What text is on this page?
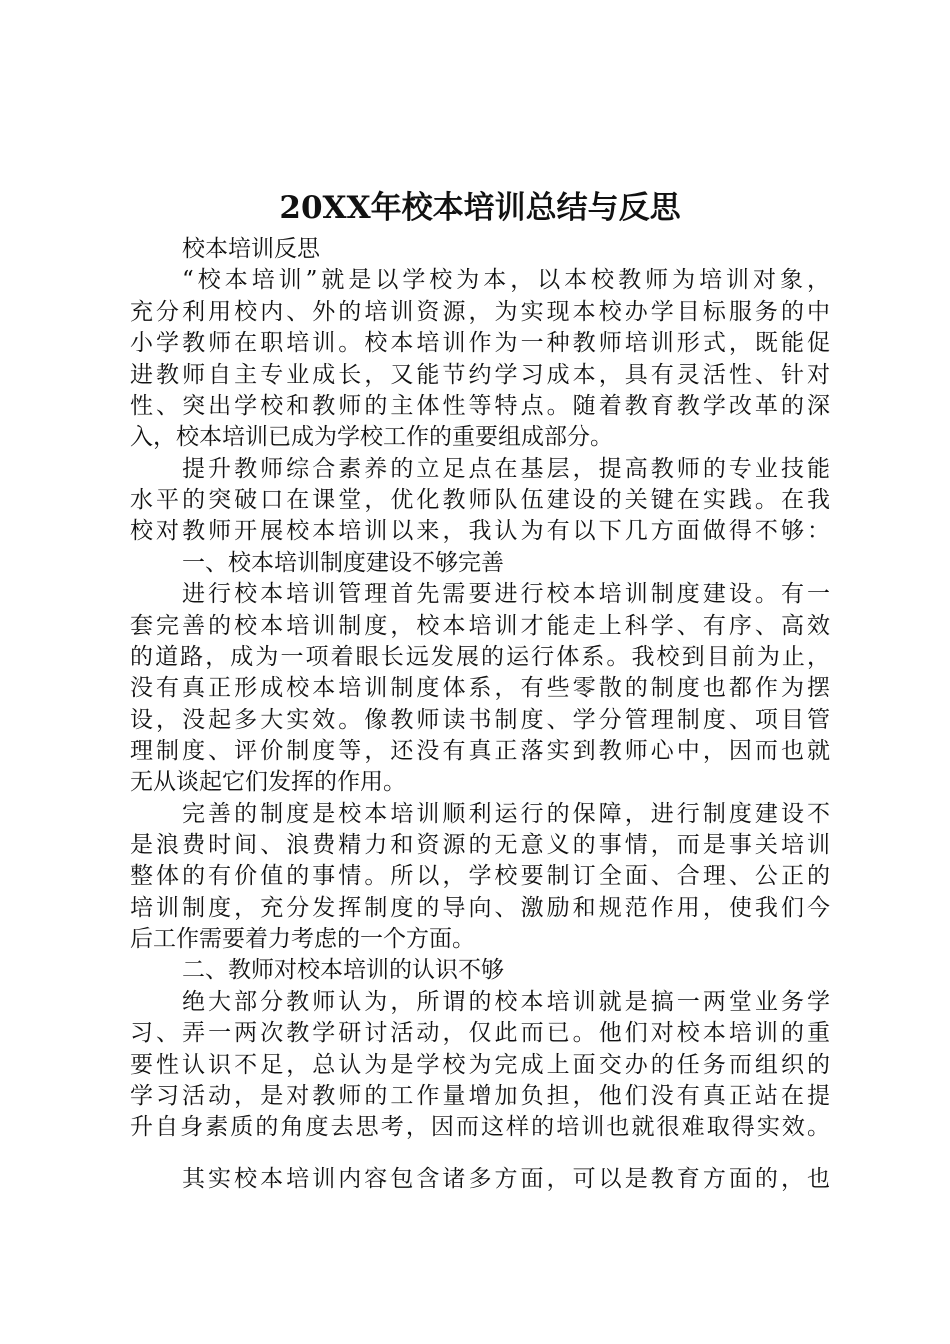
20XX年校本培训总结与反思

校本培训反思

“校本培训”就是以学校为本，以本校教师为培训对象，

充分利用校内、外的培训资源，为实现本校办学目标服务的中

小学教师在职培训。校本培训作为一种教师培训形式，既能促

进教师自主专业成长，又能节约学习成本，具有灵活性、针对

性、突出学校和教师的主体性等特点。随着教育教学改革的深

入，校本培训已成为学校工作的重要组成部分。

提升教师综合素养的立足点在基层，提高教师的专业技能

水平的突破口在课堂，优化教师队伍建设的关键在实践。在我

校对教师开展校本培训以来，我认为有以下几方面做得不够：

一、校本培训制度建设不够完善

进行校本培训管理首先需要进行校本培训制度建设。有一

套完善的校本培训制度，校本培训才能走上科学、有序、高效

的道路，成为一项着眼长远发展的运行体系。我校到目前为止，

没有真正形成校本培训制度体系，有些零散的制度也都作为摆

设，没起多大实效。像教师读书制度、学分管理制度、项目管

理制度、评价制度等，还没有真正落实到教师心中，因而也就

无从谈起它们发挥的作用。

完善的制度是校本培训顺利运行的保障，进行制度建设不

是浪费时间、浪费精力和资源的无意义的事情，而是事关培训

整体的有价值的事情。所以，学校要制订全面、合理、公正的

培训制度，充分发挥制度的导向、激励和规范作用，使我们今

后工作需要着力考虑的一个方面。

二、教师对校本培训的认识不够

绝大部分教师认为，所谓的校本培训就是搞一两堂业务学

习、弄一两次教学研讨活动，仅此而已。他们对校本培训的重

要性认识不足，总认为是学校为完成上面交办的任务而组织的

学习活动，是对教师的工作量增加负担，他们没有真正站在提

升自身素质的角度去思考，因而这样的培训也就很难取得实效。

其实校本培训内容包含诸多方面，可以是教育方面的，也
